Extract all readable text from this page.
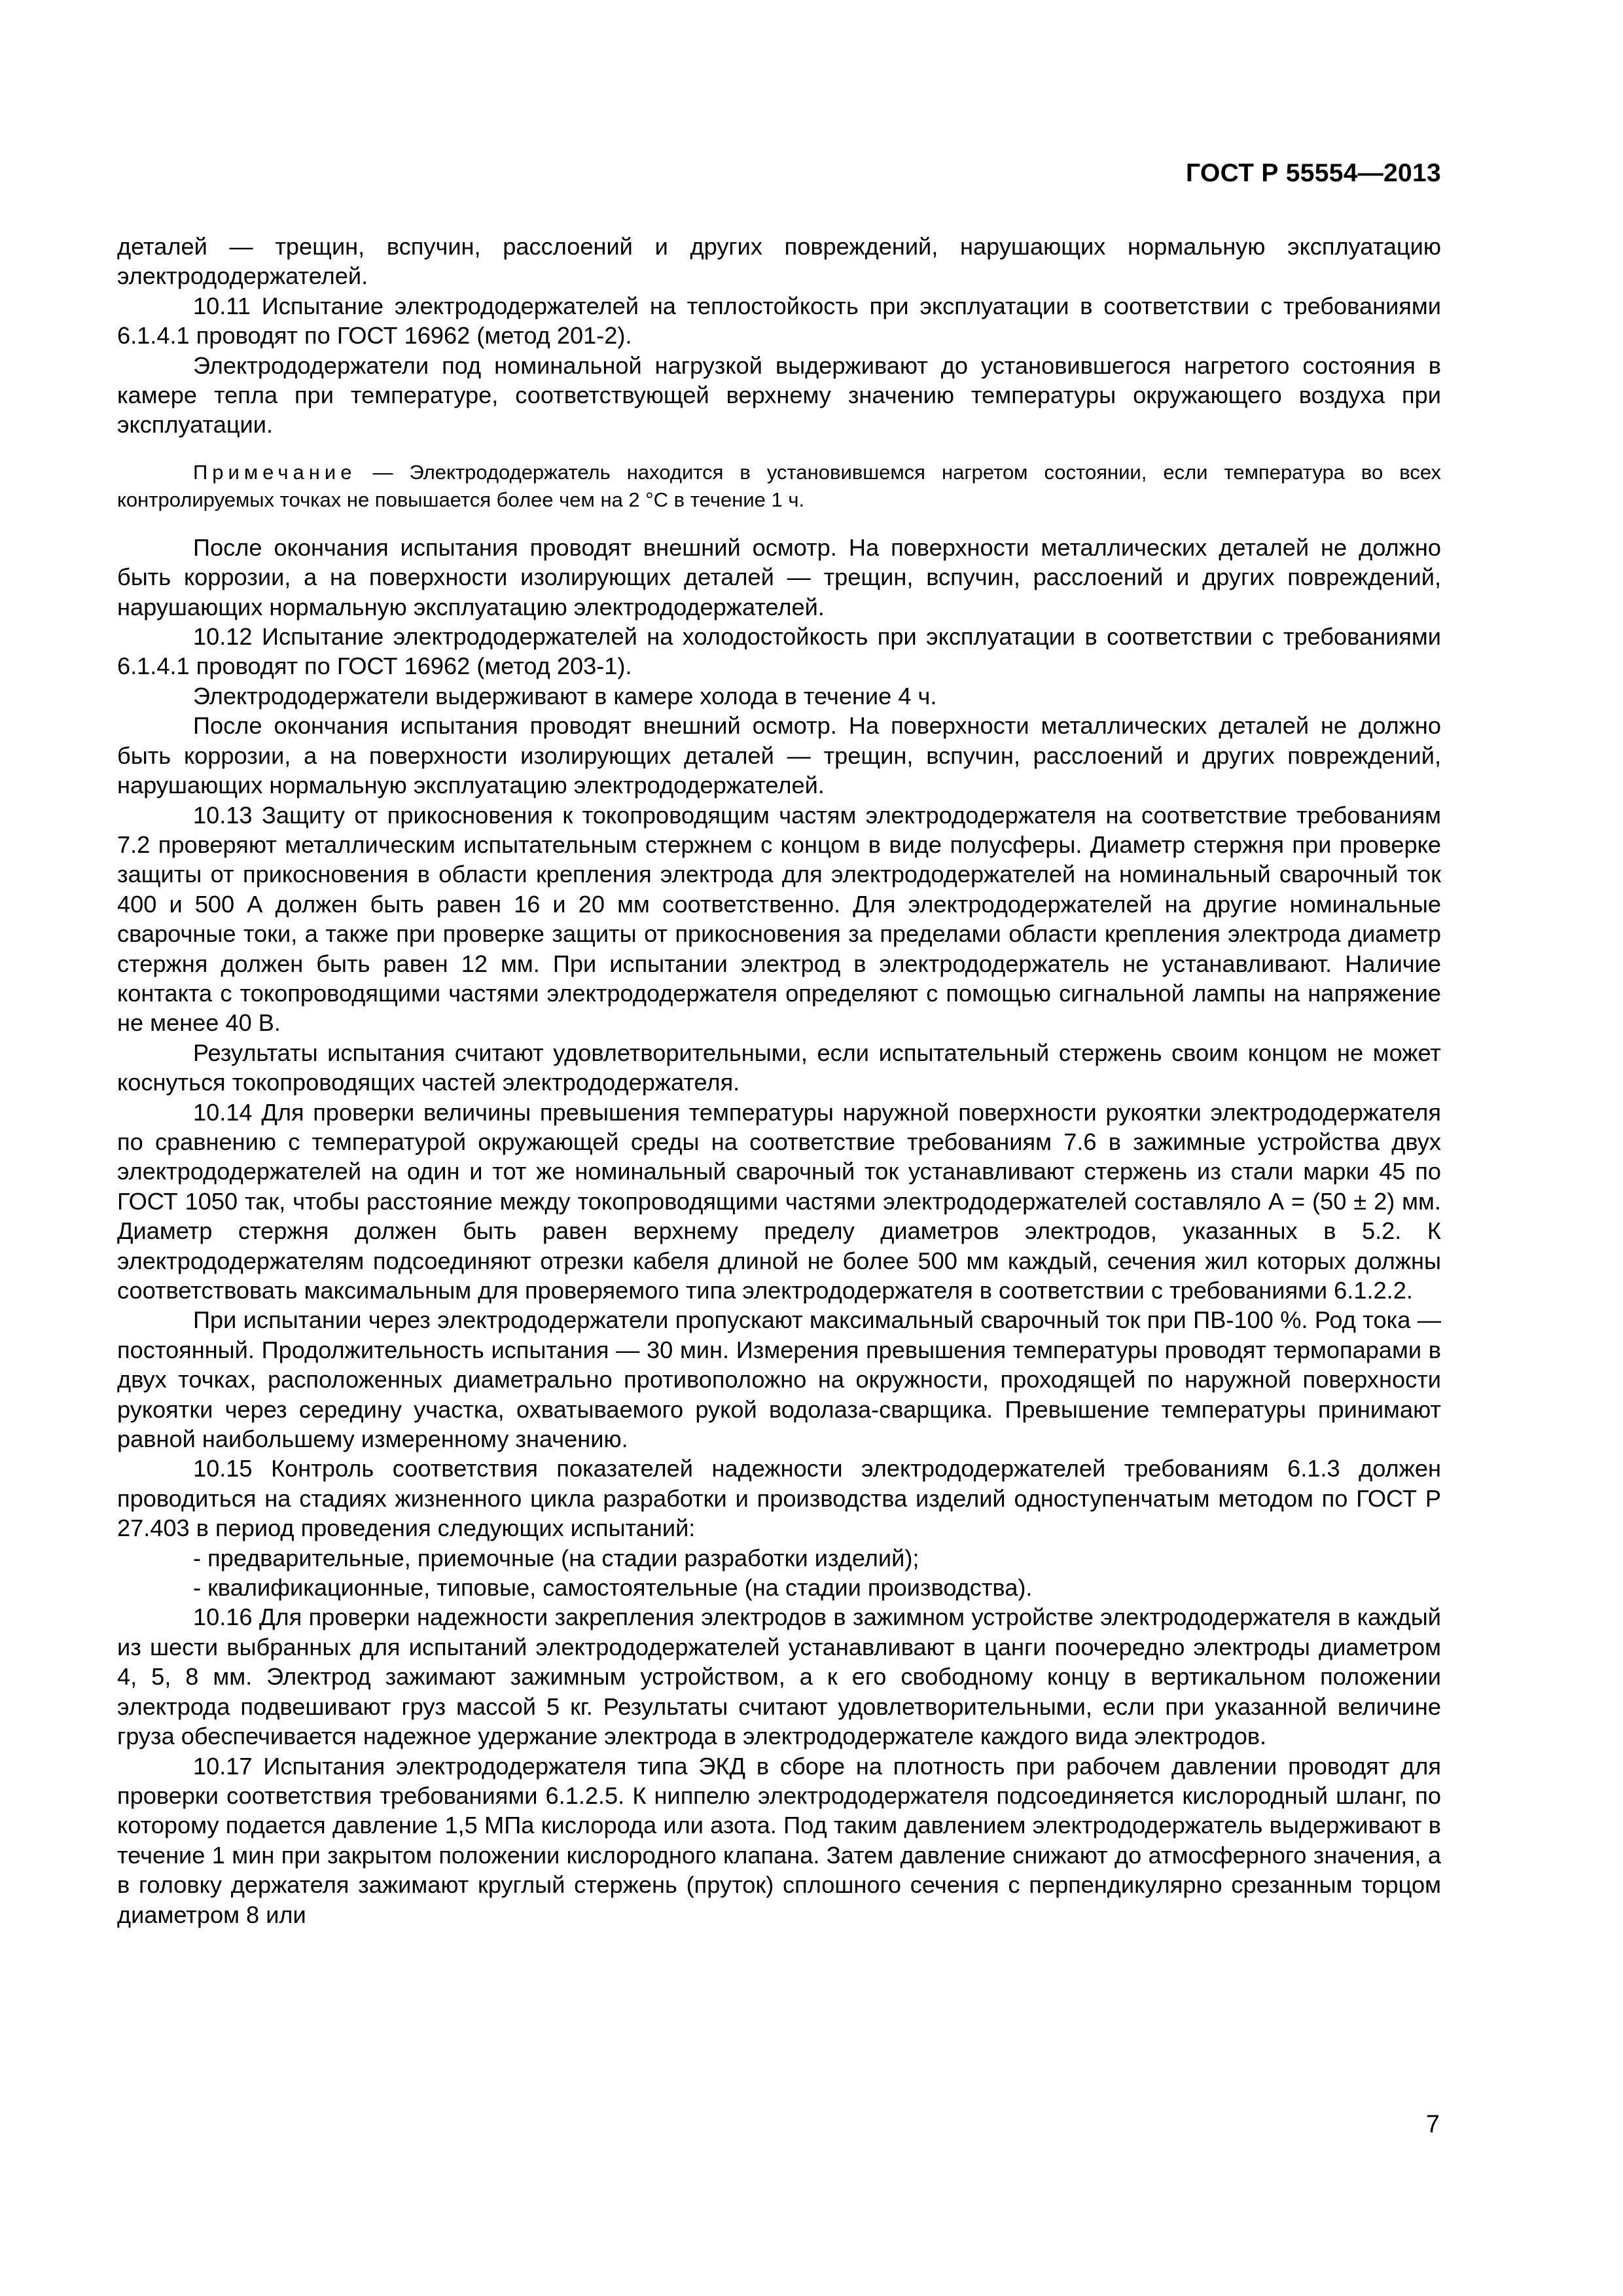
ГОСТ Р 55554—2013

деталей — трещин, вспучин, расслоений и других повреждений, нарушающих нормальную эксплуатацию электрододержателей.

10.11 Испытание электрододержателей на теплостойкость при эксплуатации в соответствии с требованиями 6.1.4.1 проводят по ГОСТ 16962 (метод 201-2).

Электрододержатели под номинальной нагрузкой выдерживают до установившегося нагретого состояния в камере тепла при температуре, соответствующей верхнему значению температуры окружающего воздуха при эксплуатации.

Примечание — Электрододержатель находится в установившемся нагретом состоянии, если температура во всех контролируемых точках не повышается более чем на 2 °С в течение 1 ч.

После окончания испытания проводят внешний осмотр. На поверхности металлических деталей не должно быть коррозии, а на поверхности изолирующих деталей — трещин, вспучин, расслоений и других повреждений, нарушающих нормальную эксплуатацию электрододержателей.

10.12 Испытание электрододержателей на холодостойкость при эксплуатации в соответствии с требованиями 6.1.4.1 проводят по ГОСТ 16962 (метод 203-1).

Электрододержатели выдерживают в камере холода в течение 4 ч.

После окончания испытания проводят внешний осмотр. На поверхности металлических деталей не должно быть коррозии, а на поверхности изолирующих деталей — трещин, вспучин, расслоений и других повреждений, нарушающих нормальную эксплуатацию электрододержателей.

10.13 Защиту от прикосновения к токопроводящим частям электрододержателя на соответствие требованиям 7.2 проверяют металлическим испытательным стержнем с концом в виде полусферы. Диаметр стержня при проверке защиты от прикосновения в области крепления электрода для электрододержателей на номинальный сварочный ток 400 и 500 А должен быть равен 16 и 20 мм соответственно. Для электрододержателей на другие номинальные сварочные токи, а также при проверке защиты от прикосновения за пределами области крепления электрода диаметр стержня должен быть равен 12 мм. При испытании электрод в электрододержатель не устанавливают. Наличие контакта с токопроводящими частями электрододержателя определяют с помощью сигнальной лампы на напряжение не менее 40 В.

Результаты испытания считают удовлетворительными, если испытательный стержень своим концом не может коснуться токопроводящих частей электрододержателя.

10.14 Для проверки величины превышения температуры наружной поверхности рукоятки электрододержателя по сравнению с температурой окружающей среды на соответствие требованиям 7.6 в зажимные устройства двух электрододержателей на один и тот же номинальный сварочный ток устанавливают стержень из стали марки 45 по ГОСТ 1050 так, чтобы расстояние между токопроводящими частями электрододержателей составляло А = (50 ± 2) мм. Диаметр стержня должен быть равен верхнему пределу диаметров электродов, указанных в 5.2. К электрододержателям подсоединяют отрезки кабеля длиной не более 500 мм каждый, сечения жил которых должны соответствовать максимальным для проверяемого типа электрододержателя в соответствии с требованиями 6.1.2.2.

При испытании через электрододержатели пропускают максимальный сварочный ток при ПВ-100 %. Род тока — постоянный. Продолжительность испытания — 30 мин. Измерения превышения температуры проводят термопарами в двух точках, расположенных диаметрально противоположно на окружности, проходящей по наружной поверхности рукоятки через середину участка, охватываемого рукой водолаза-сварщика. Превышение температуры принимают равной наибольшему измеренному значению.

10.15 Контроль соответствия показателей надежности электрододержателей требованиям 6.1.3 должен проводиться на стадиях жизненного цикла разработки и производства изделий одноступенчатым методом по ГОСТ Р 27.403 в период проведения следующих испытаний:

- предварительные, приемочные (на стадии разработки изделий);

- квалификационные, типовые, самостоятельные (на стадии производства).

10.16 Для проверки надежности закрепления электродов в зажимном устройстве электрододержателя в каждый из шести выбранных для испытаний электрододержателей устанавливают в цанги поочередно электроды диаметром 4, 5, 8 мм. Электрод зажимают зажимным устройством, а к его свободному концу в вертикальном положении электрода подвешивают груз массой 5 кг. Результаты считают удовлетворительными, если при указанной величине груза обеспечивается надежное удержание электрода в электрододержателе каждого вида электродов.

10.17 Испытания электрододержателя типа ЭКД в сборе на плотность при рабочем давлении проводят для проверки соответствия требованиями 6.1.2.5. К ниппелю электрододержателя подсоединяется кислородный шланг, по которому подается давление 1,5 МПа кислорода или азота. Под таким давлением электрододержатель выдерживают в течение 1 мин при закрытом положении кислородного клапана. Затем давление снижают до атмосферного значения, а в головку держателя зажимают круглый стержень (пруток) сплошного сечения с перпендикулярно срезанным торцом диаметром 8 или

7
